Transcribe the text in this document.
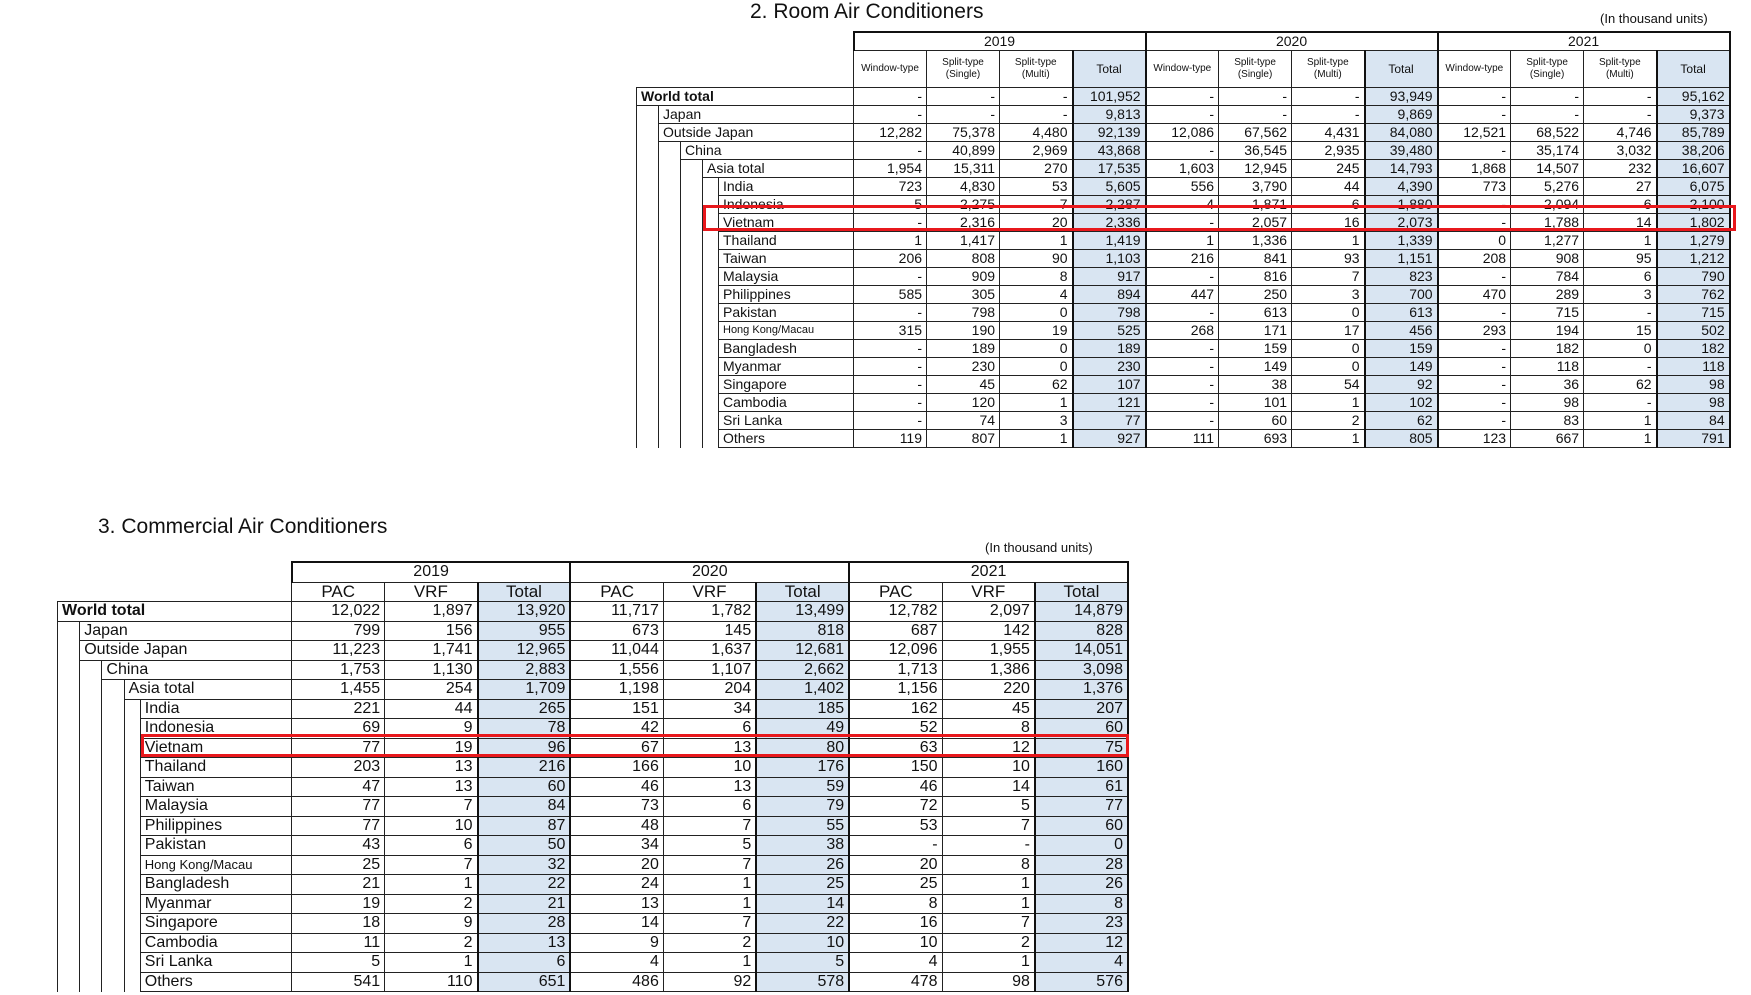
2. Room Air Conditioners	(In thousand units)
					2019				2020				2021			
					Window-type	Split-type (Single)	Split-type (Multi)	Total	Window-type	Split-type (Single)	Split-type (Multi)	Total	Window-type	Split-type (Single)	Split-type (Multi)	Total
World total					-	-	-	101,952	-	-	-	93,949	-	-	-	95,162
	Japan				-	-	-	9,813	-	-	-	9,869	-	-	-	9,373
	Outside Japan				12,282	75,378	4,480	92,139	12,086	67,562	4,431	84,080	12,521	68,522	4,746	85,789
		China			-	40,899	2,969	43,868	-	36,545	2,935	39,480	-	35,174	3,032	38,206
			Asia total		1,954	15,311	270	17,535	1,603	12,945	245	14,793	1,868	14,507	232	16,607
				India	723	4,830	53	5,605	556	3,790	44	4,390	773	5,276	27	6,075
				Indonesia	5	2,275	7	2,287	4	1,871	6	1,880	-	2,094	6	2,100
				Vietnam	-	2,316	20	2,336	-	2,057	16	2,073	-	1,788	14	1,802
				Thailand	1	1,417	1	1,419	1	1,336	1	1,339	0	1,277	1	1,279
				Taiwan	206	808	90	1,103	216	841	93	1,151	208	908	95	1,212
				Malaysia	-	909	8	917	-	816	7	823	-	784	6	790
				Philippines	585	305	4	894	447	250	3	700	470	289	3	762
				Pakistan	-	798	0	798	-	613	0	613	-	715	-	715
				Hong Kong/Macau	315	190	19	525	268	171	17	456	293	194	15	502
				Bangladesh	-	189	0	189	-	159	0	159	-	182	0	182
				Myanmar	-	230	0	230	-	149	0	149	-	118	-	118
				Singapore	-	45	62	107	-	38	54	92	-	36	62	98
				Cambodia	-	120	1	121	-	101	1	102	-	98	-	98
				Sri Lanka	-	74	3	77	-	60	2	62	-	83	1	84
				Others	119	807	1	927	111	693	1	805	123	667	1	791
3. Commercial Air Conditioners
(In thousand units)
					2019			2020			2021		
					PAC	VRF	Total	PAC	VRF	Total	PAC	VRF	Total
World total					12,022	1,897	13,920	11,717	1,782	13,499	12,782	2,097	14,879
	Japan				799	156	955	673	145	818	687	142	828
	Outside Japan				11,223	1,741	12,965	11,044	1,637	12,681	12,096	1,955	14,051
		China			1,753	1,130	2,883	1,556	1,107	2,662	1,713	1,386	3,098
			Asia total		1,455	254	1,709	1,198	204	1,402	1,156	220	1,376
				India	221	44	265	151	34	185	162	45	207
				Indonesia	69	9	78	42	6	49	52	8	60
				Vietnam	77	19	96	67	13	80	63	12	75
				Thailand	203	13	216	166	10	176	150	10	160
				Taiwan	47	13	60	46	13	59	46	14	61
				Malaysia	77	7	84	73	6	79	72	5	77
				Philippines	77	10	87	48	7	55	53	7	60
				Pakistan	43	6	50	34	5	38	-	-	0
				Hong Kong/Macau	25	7	32	20	7	26	20	8	28
				Bangladesh	21	1	22	24	1	25	25	1	26
				Myanmar	19	2	21	13	1	14	8	1	8
				Singapore	18	9	28	14	7	22	16	7	23
				Cambodia	11	2	13	9	2	10	10	2	12
				Sri Lanka	5	1	6	4	1	5	4	1	4
				Others	541	110	651	486	92	578	478	98	576
